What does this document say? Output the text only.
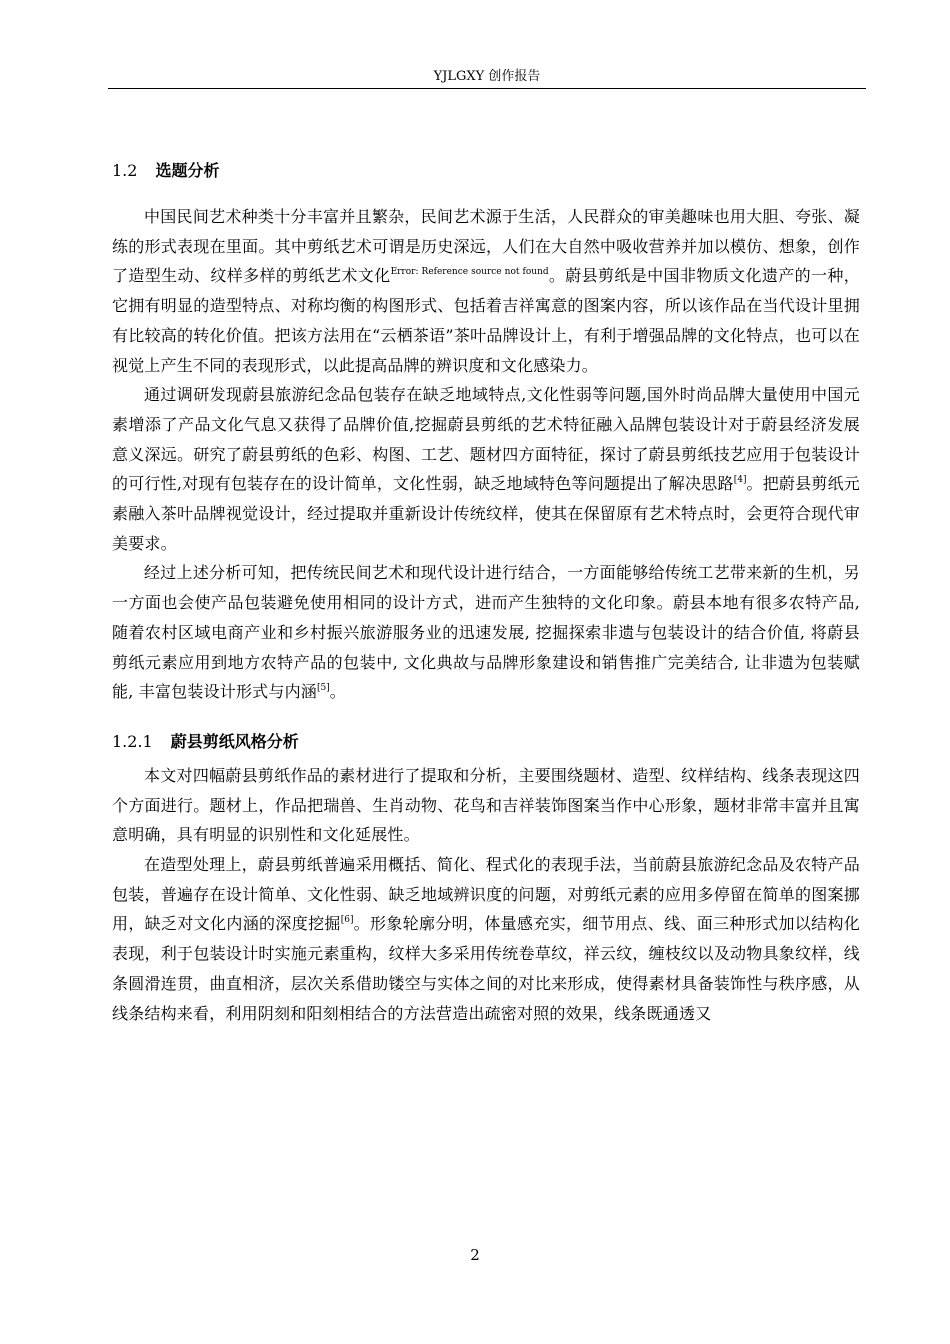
YJLGXY 创作报告
1.2 选题分析

中国民间艺术种类十分丰富并且繁杂，民间艺术源于生活，人民群众的审美趣味也用大胆、夸张、凝练的形式表现在里面。其中剪纸艺术可谓是历史深远，人们在大自然中吸收营养并加以模仿、想象，创作了造型生动、纹样多样的剪纸艺术文化$^{Error: Reference source not found}$。蔚县剪纸是中国非物质文化遗产的一种，它拥有明显的造型特点、对称均衡的构图形式、包括着吉祥寓意的图案内容，所以该作品在当代设计里拥有比较高的转化价值。把该方法用在“云栖茶语”茶叶品牌设计上，有利于增强品牌的文化特点，也可以在视觉上产生不同的表现形式，以此提高品牌的辨识度和文化感染力。

通过调研发现蔚县旅游纪念品包装存在缺乏地域特点,文化性弱等问题,国外时尚品牌大量使用中国元素增添了产品文化气息又获得了品牌价值,挖掘蔚县剪纸的艺术特征融入品牌包装设计对于蔚县经济发展意义深远。研究了蔚县剪纸的色彩、构图、工艺、题材四方面特征，探讨了蔚县剪纸技艺应用于包装设计的可行性,对现有包装存在的设计简单，文化性弱，缺乏地域特色等问题提出了解决思路[4]。把蔚县剪纸元素融入茶叶品牌视觉设计，经过提取并重新设计传统纹样，使其在保留原有艺术特点时，会更符合现代审美要求。

经过上述分析可知，把传统民间艺术和现代设计进行结合，一方面能够给传统工艺带来新的生机，另一方面也会使产品包装避免使用相同的设计方式，进而产生独特的文化印象。蔚县本地有很多农特产品, 随着农村区域电商产业和乡村振兴旅游服务业的迅速发展, 挖掘探索非遗与包装设计的结合价值, 将蔚县剪纸元素应用到地方农特产品的包装中, 文化典故与品牌形象建设和销售推广完美结合, 让非遗为包装赋能, 丰富包装设计形式与内涵[5]。

1.2.1 蔚县剪纸风格分析

本文对四幅蔚县剪纸作品的素材进行了提取和分析，主要围绕题材、造型、纹样结构、线条表现这四个方面进行。题材上，作品把瑞兽、生肖动物、花鸟和吉祥装饰图案当作中心形象，题材非常丰富并且寓意明确，具有明显的识别性和文化延展性。

在造型处理上，蔚县剪纸普遍采用概括、简化、程式化的表现手法，当前蔚县旅游纪念品及农特产品包装，普遍存在设计简单、文化性弱、缺乏地域辨识度的问题，对剪纸元素的应用多停留在简单的图案挪用，缺乏对文化内涵的深度挖掘[6]。形象轮廓分明，体量感充实，细节用点、线、面三种形式加以结构化表现，利于包装设计时实施元素重构，纹样大多采用传统卷草纹，祥云纹，缠枝纹以及动物具象纹样，线条圆滑连贯，曲直相济，层次关系借助镂空与实体之间的对比来形成，使得素材具备装饰性与秩序感，从线条结构来看，利用阴刻和阳刻相结合的方法营造出疏密对照的效果，线条既通透又

2
